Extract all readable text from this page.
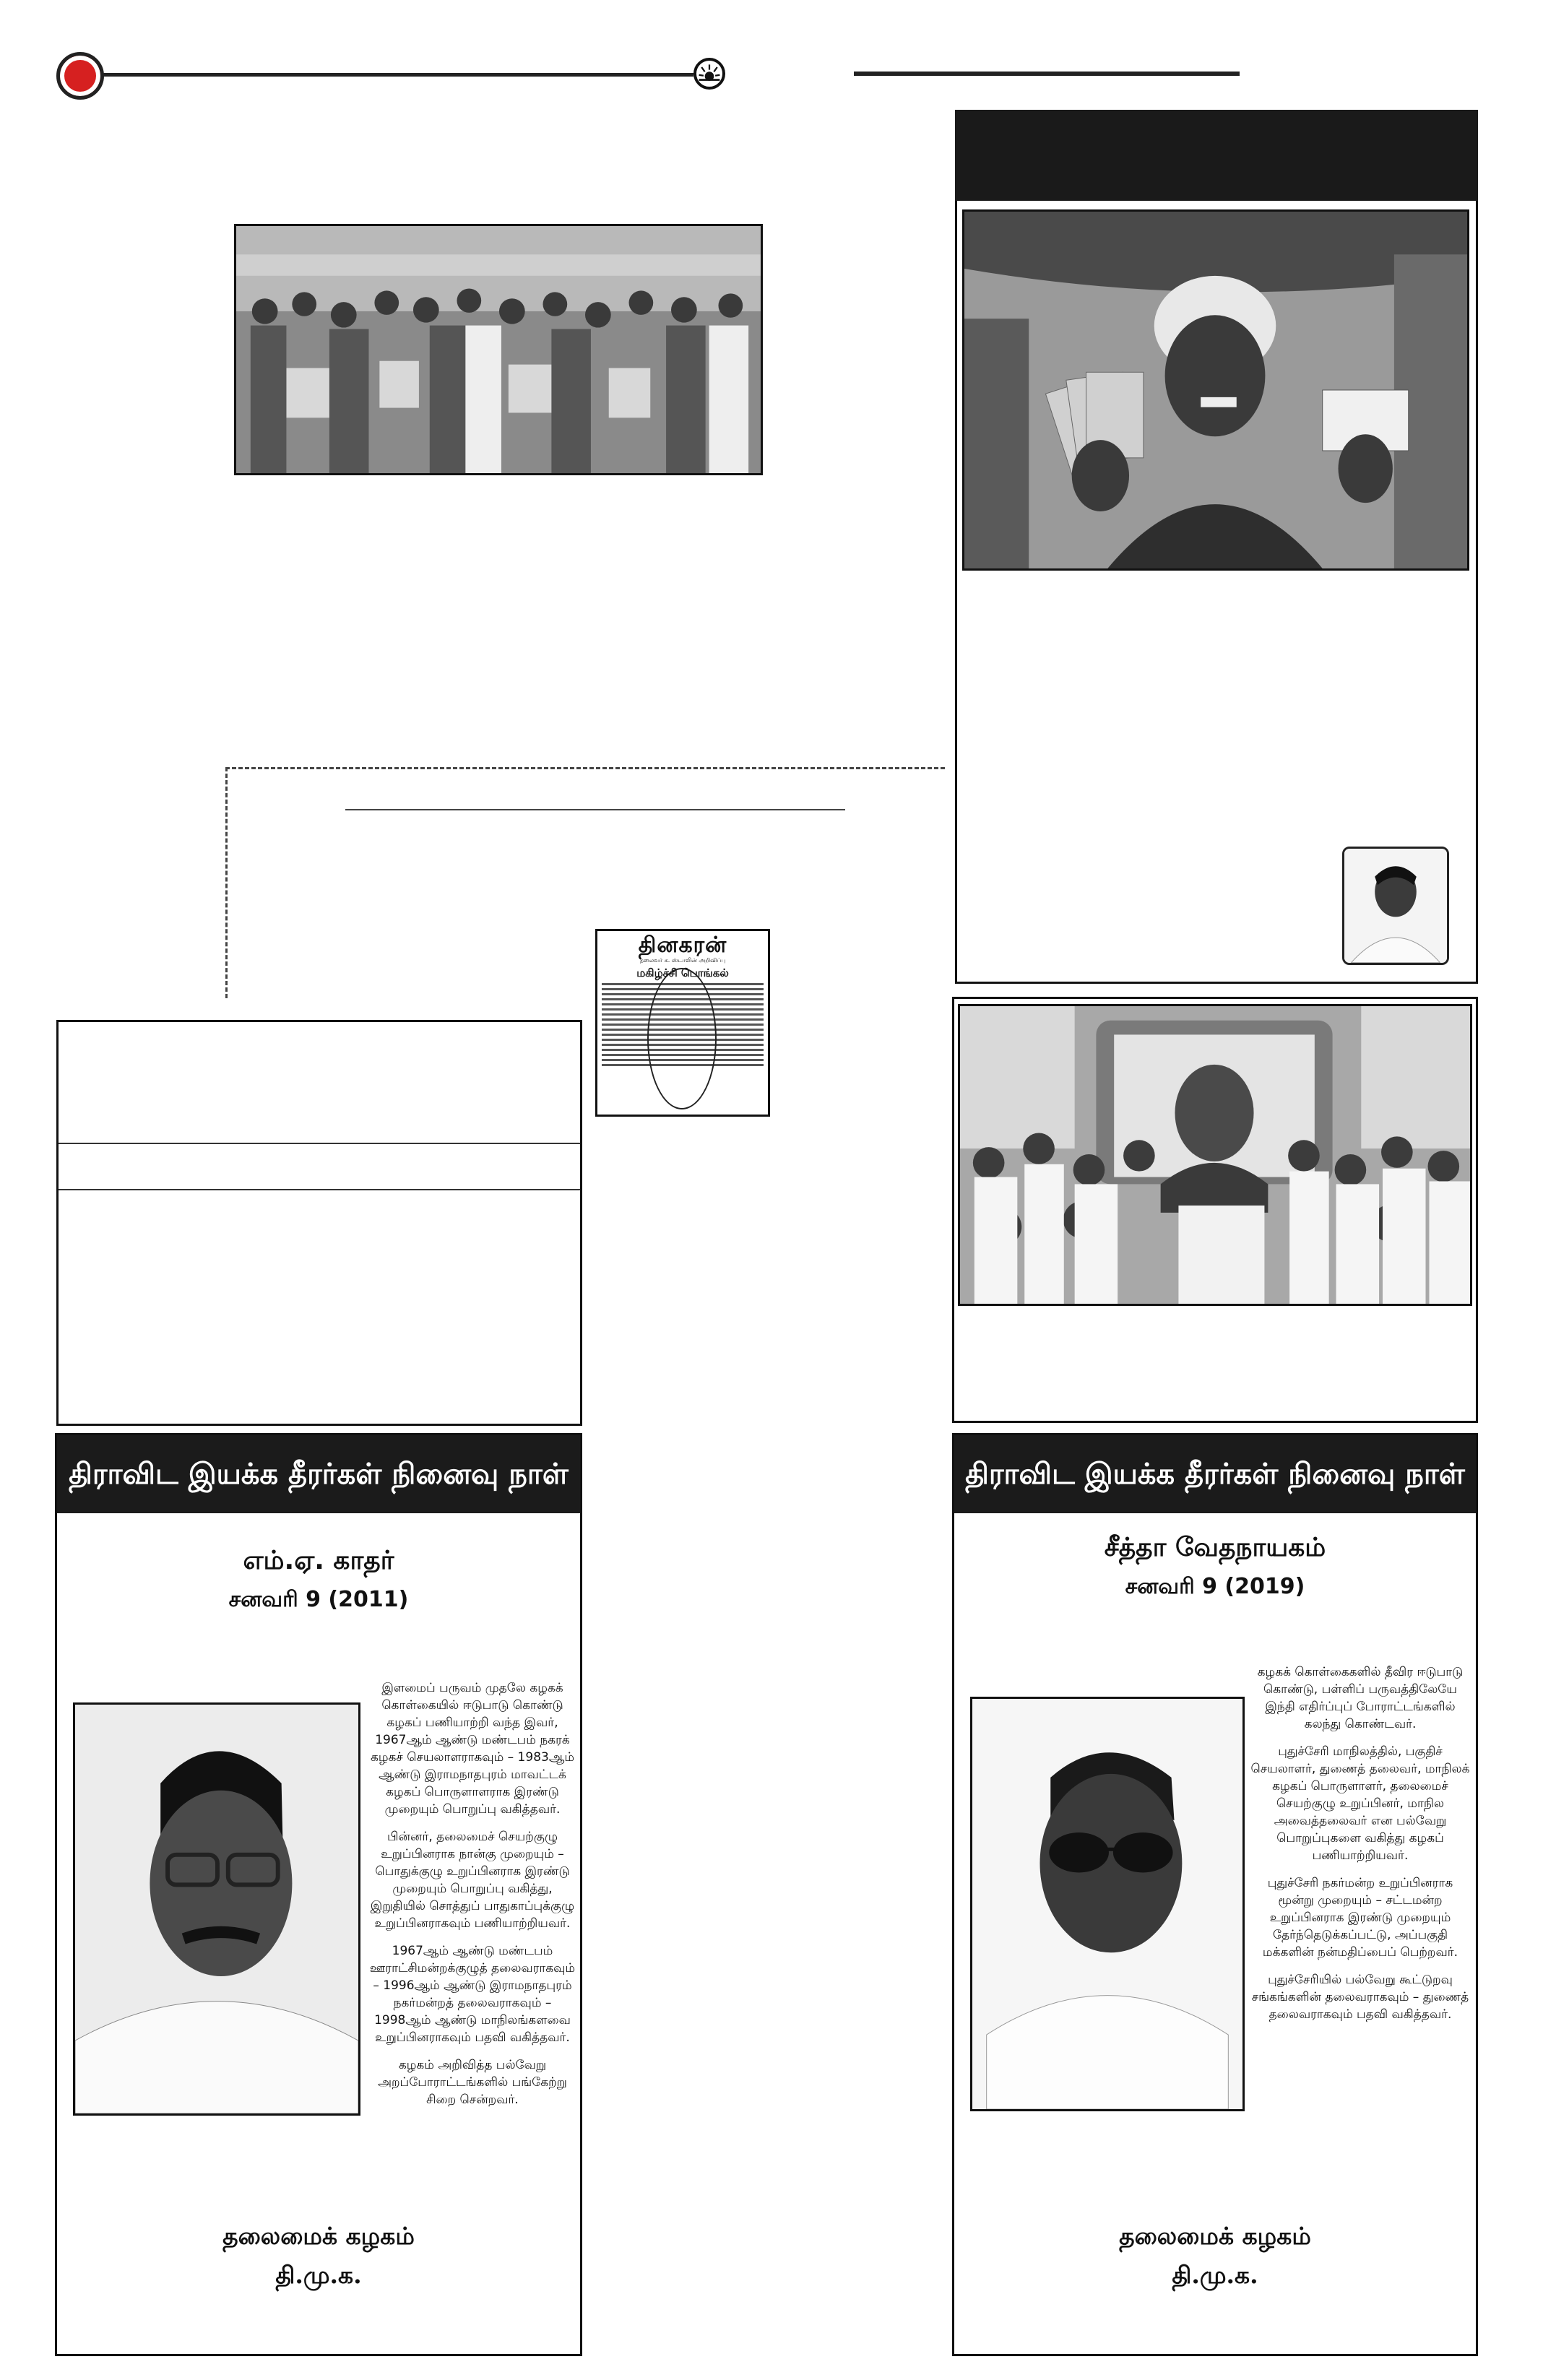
தினகரன்
தலைவர் க. ஸ்டாலின் அறிவிப்பு
மகிழ்ச்சி பொங்கல்
திராவிட இயக்க தீரர்கள் நினைவு நாள்
எம்.ஏ. காதர்
சனவரி 9 (2011)

இளமைப் பருவம் முதலே கழகக் கொள்கையில் ஈடுபாடு கொண்டு கழகப் பணியாற்றி வந்த இவர், 1967ஆம் ஆண்டு மண்டபம் நகரக் கழகச் செயலாளராகவும் – 1983ஆம் ஆண்டு இராமநாதபுரம் மாவட்டக் கழகப் பொருளாளராக இரண்டு முறையும் பொறுப்பு வகித்தவர்.

பின்னர், தலைமைச் செயற்குழு உறுப்பினராக நான்கு முறையும் – பொதுக்குழு உறுப்பினராக இரண்டு முறையும் பொறுப்பு வகித்து, இறுதியில் சொத்துப் பாதுகாப்புக்குழு உறுப்பினராகவும் பணியாற்றியவர்.

1967ஆம் ஆண்டு மண்டபம் ஊராட்சிமன்றக்குழுத் தலைவராகவும் – 1996ஆம் ஆண்டு இராமநாதபுரம் நகர்மன்றத் தலைவராகவும் – 1998ஆம் ஆண்டு மாநிலங்களவை உறுப்பினராகவும் பதவி வகித்தவர்.

கழகம் அறிவித்த பல்வேறு அறப்போராட்டங்களில் பங்கேற்று சிறை சென்றவர்.

தலைமைக் கழகம்
தி.மு.க.
திராவிட இயக்க தீரர்கள் நினைவு நாள்
சீத்தா வேதநாயகம்
சனவரி 9 (2019)

கழகக் கொள்கைகளில் தீவிர ஈடுபாடு கொண்டு, பள்ளிப் பருவத்திலேயே இந்தி எதிர்ப்புப் போராட்டங்களில் கலந்து கொண்டவர்.

புதுச்சேரி மாநிலத்தில், பகுதிச் செயலாளர், துணைத் தலைவர், மாநிலக் கழகப் பொருளாளர், தலைமைச் செயற்குழு உறுப்பினர், மாநில அவைத்தலைவர் என பல்வேறு பொறுப்புகளை வகித்து கழகப் பணியாற்றியவர்.

புதுச்சேரி நகர்மன்ற உறுப்பினராக மூன்று முறையும் – சட்டமன்ற உறுப்பினராக இரண்டு முறையும் தேர்ந்தெடுக்கப்பட்டு, அப்பகுதி மக்களின் நன்மதிப்பைப் பெற்றவர்.

புதுச்சேரியில் பல்வேறு கூட்டுறவு சங்கங்களின் தலைவராகவும் – துணைத் தலைவராகவும் பதவி வகித்தவர்.

தலைமைக் கழகம்
தி.மு.க.
